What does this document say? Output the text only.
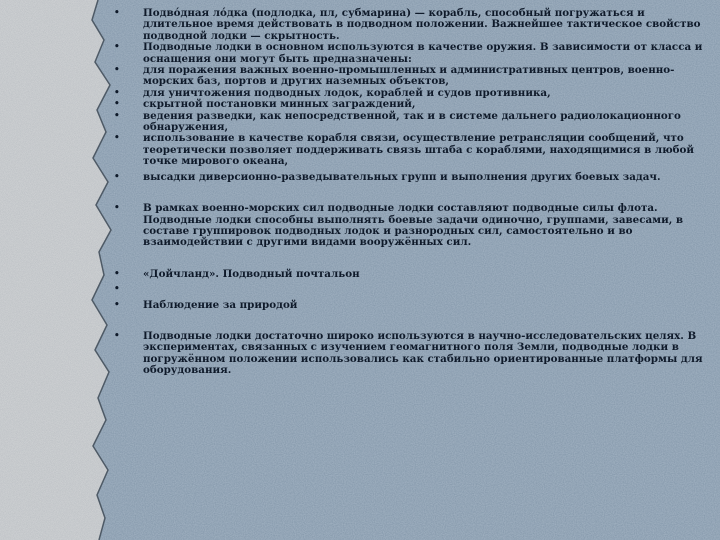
• Подво́дная ло́дка (подлодка, пл, субмарина) — корабль, способный погружаться и длительное время действовать в подводном положении. Важнейшее тактическое свойство подводной лодки — скрытность.
• Подводные лодки в основном используются в качестве оружия. В зависимости от класса и оснащения они могут быть предназначены:
• для поражения важных военно-промышленных и административных центров, военно-морских баз, портов и других наземных объектов,
• для уничтожения подводных лодок, кораблей и судов противника,
• скрытной постановки минных заграждений,
• ведения разведки, как непосредственной, так и в системе дальнего радиолокационного обнаружения,
• использование в качестве корабля связи, осуществление ретрансляции сообщений, что теоретически позволяет поддерживать связь штаба с кораблями, находящимися в любой точке мирового океана,
• высадки диверсионно-разведывательных групп и выполнения других боевых задач.
• В рамках военно-морских сил подводные лодки составляют подводные силы флота. Подводные лодки способны выполнять боевые задачи одиночно, группами, завесами, в составе группировок подводных лодок и разнородных сил, самостоятельно и во взаимодействии с другими видами вооружённых сил.
• «Дойчланд». Подводный почтальон
•
• Наблюдение за природой
• Подводные лодки достаточно широко используются в научно-исследовательских целях. В экспериментах, связанных с изучением геомагнитного поля Земли, подводные лодки в погружённом положении использовались как стабильно ориентированные платформы для оборудования.
